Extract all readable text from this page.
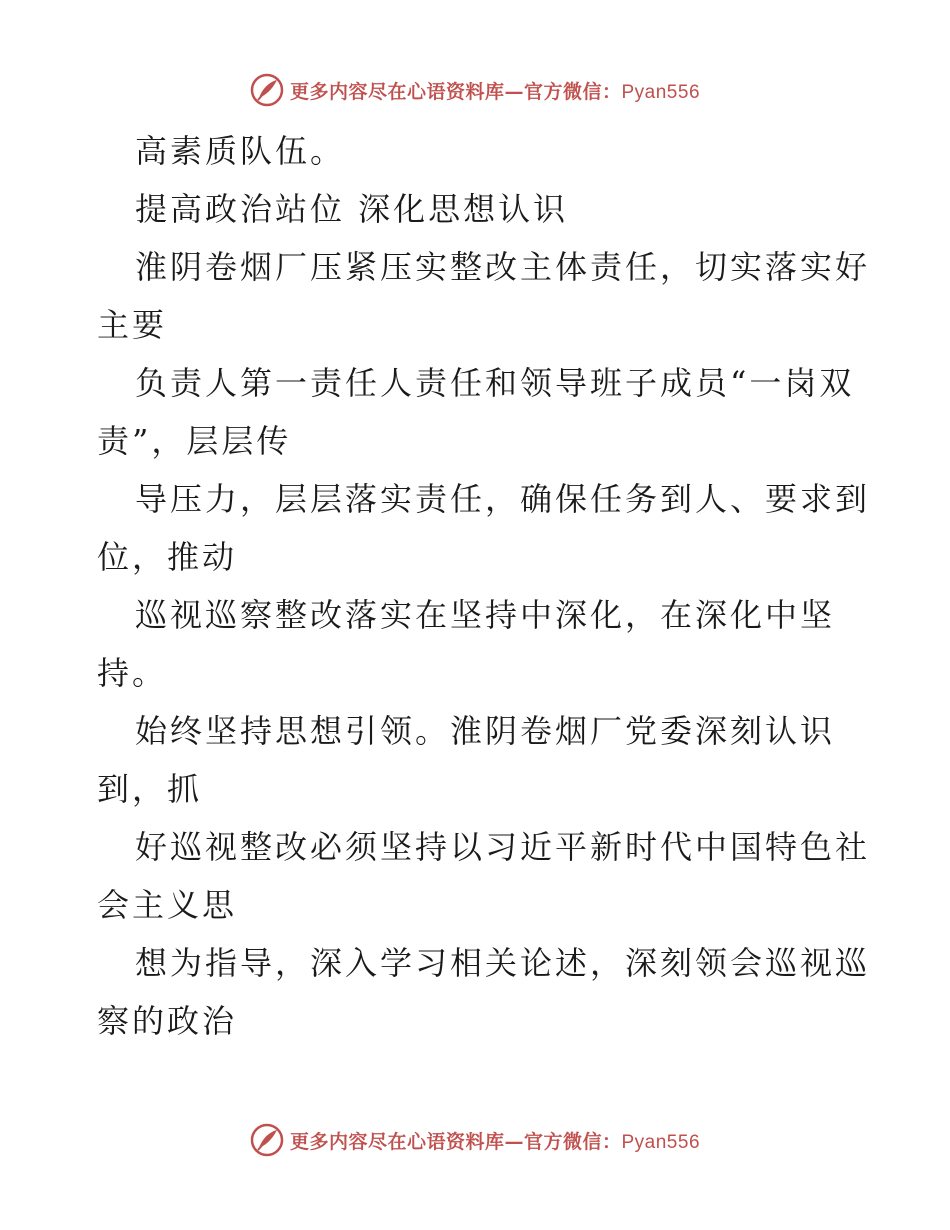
更多内容尽在心语资料库—官方微信：Pyan556
高素质队伍。
提高政治站位 深化思想认识
淮阴卷烟厂压紧压实整改主体责任，切实落实好
主要
负责人第一责任人责任和领导班子成员“一岗双
责”，层层传
导压力，层层落实责任，确保任务到人、要求到
位，推动
巡视巡察整改落实在坚持中深化，在深化中坚
持。
始终坚持思想引领。淮阴卷烟厂党委深刻认识
到，抓
好巡视整改必须坚持以习近平新时代中国特色社
会主义思
想为指导，深入学习相关论述，深刻领会巡视巡
察的政治
更多内容尽在心语资料库—官方微信：Pyan556
